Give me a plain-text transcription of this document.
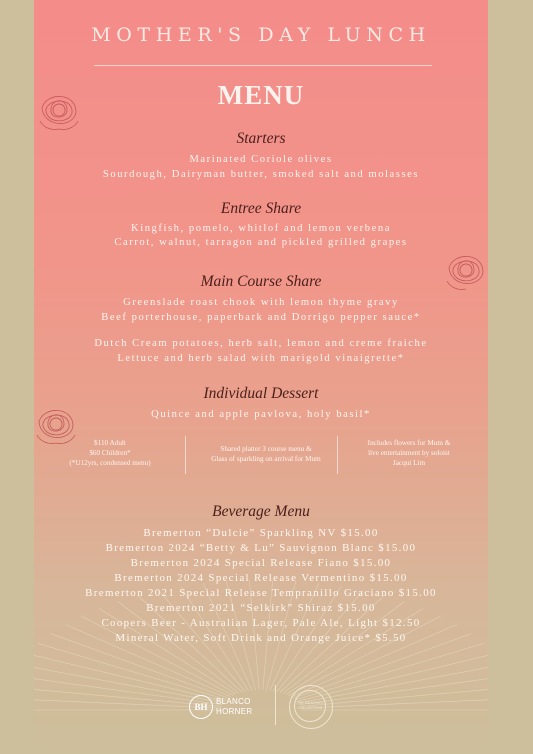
MOTHER'S DAY LUNCH
MENU
Starters
Marinated Coriole olives
Sourdough, Dairyman butter, smoked salt and molasses
Entree Share
Kingfish, pomelo, whitlof and lemon verbena
Carrot, walnut, tarragon and pickled grilled grapes
Main Course Share
Greenslade roast chook with lemon thyme gravy
Beef porterhouse, paperbark and Dorrigo pepper sauce*
Dutch Cream potatoes, herb salt, lemon and creme fraiche
Lettuce and herb salad with marigold vinaigrette*
Individual Dessert
Quince and apple pavlova, holy basil*
$110 Adult
$60 Children*
(*U12yrs, condensed menu)
Shared platter 3 course menu &
Glass of sparkling on arrival for Mum
Includes flowers for Mum &
live entertainment by soloist
Jacqui Lim
Beverage Menu
Bremerton “Dulcie” Sparkling NV $15.00
Bremerton 2024 “Betty & Lu” Sauvignon Blanc $15.00
Bremerton 2024 Special Release Fiano $15.00
Bremerton 2024 Special Release Vermentino $15.00
Bremerton 2021 Special Release Tempranillo Graciano $15.00
Bremerton 2021 “Selkirk” Shiraz $15.00
Coopers Beer - Australian Lager, Pale Ale, Light $12.50
Mineral Water, Soft Drink and Orange Juice* $5.50
BH
BLANCO
HORNER
THE BEACHES COLLECTION
